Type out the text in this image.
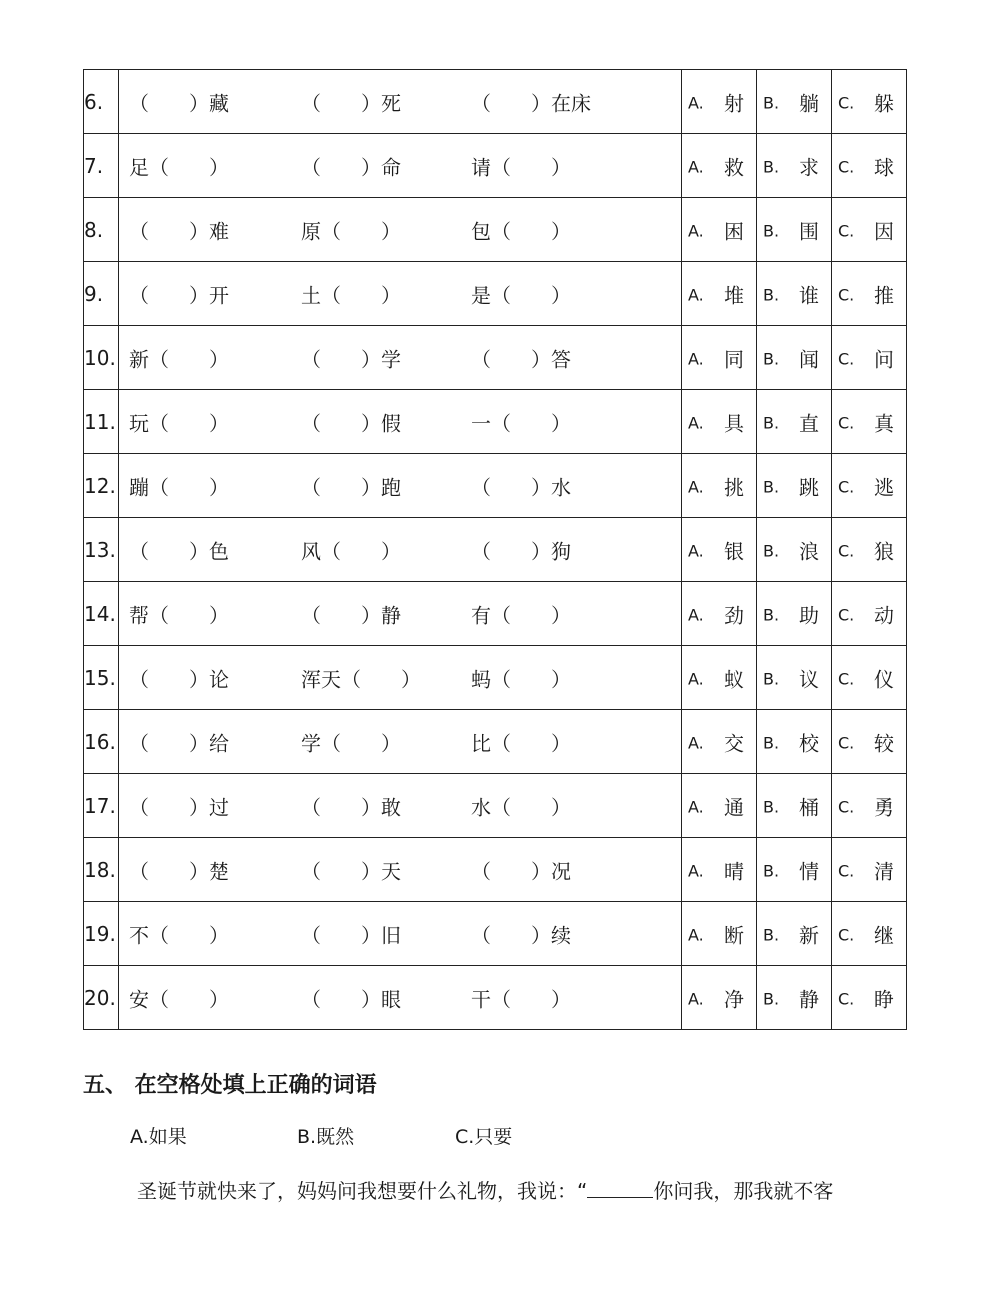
6.	（　　）藏 （　　）死 （　　）在床	A. 射	B. 躺	C. 躲

7.	足（　　） （　　）命 请（　　）	A. 救	B. 求	C. 球

8.	（　　）难 原（　　） 包（　　）	A. 困	B. 围	C. 因

9.	（　　）开 土（　　） 是（　　）	A. 堆	B. 谁	C. 推

10.	新（　　） （　　）学 （　　）答	A. 同	B. 闻	C. 问

11.	玩（　　） （　　）假 一（　　）	A. 具	B. 直	C. 真

12.	蹦（　　） （　　）跑 （　　）水	A. 挑	B. 跳	C. 逃

13.	（　　）色 风（　　） （　　）狗	A. 银	B. 浪	C. 狼

14.	帮（　　） （　　）静 有（　　）	A. 劲	B. 助	C. 动

15.	（　　）论 浑天（　　） 蚂（　　）	A. 蚁	B. 议	C. 仪

16.	（　　）给 学（　　） 比（　　）	A. 交	B. 校	C. 较

17.	（　　）过 （　　）敢 水（　　）	A. 通	B. 桶	C. 勇

18.	（　　）楚 （　　）天 （　　）况	A. 晴	B. 情	C. 清

19.	不（　　） （　　）旧 （　　）续	A. 断	B. 新	C. 继

20.	安（　　） （　　）眼 干（　　）	A. 净	B. 静	C. 睁
五、 在空格处填上正确的词语
A.如果	B.既然	C.只要
圣诞节就快来了，妈妈问我想要什么礼物，我说：“	你问我，那我就不客
